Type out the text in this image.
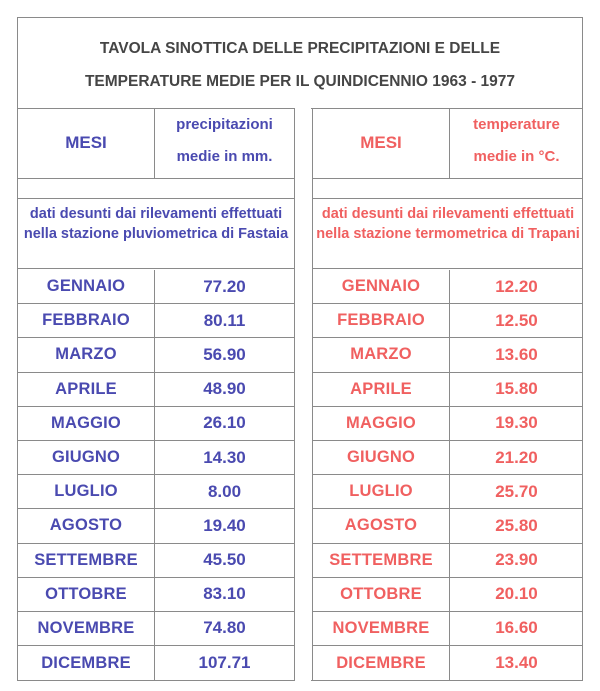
TAVOLA SINOTTICA DELLE PRECIPITAZIONI E DELLE
TEMPERATURE MEDIE PER IL QUINDICENNIO 1963 - 1977
MESI
precipitazioni
medie in mm.
dati desunti dai rilevamenti effettuati nella stazione pluviometrica di Fastaia
GENNAIO	77.20
FEBBRAIO	80.11
MARZO	56.90
APRILE	48.90
MAGGIO	26.10
GIUGNO	14.30
LUGLIO	8.00
AGOSTO	19.40
SETTEMBRE	45.50
OTTOBRE	83.10
NOVEMBRE	74.80
DICEMBRE	107.71
MESI
temperature
medie in °C.
dati desunti dai rilevamenti effettuati nella stazione termometrica di Trapani
GENNAIO	12.20
FEBBRAIO	12.50
MARZO	13.60
APRILE	15.80
MAGGIO	19.30
GIUGNO	21.20
LUGLIO	25.70
AGOSTO	25.80
SETTEMBRE	23.90
OTTOBRE	20.10
NOVEMBRE	16.60
DICEMBRE	13.40
